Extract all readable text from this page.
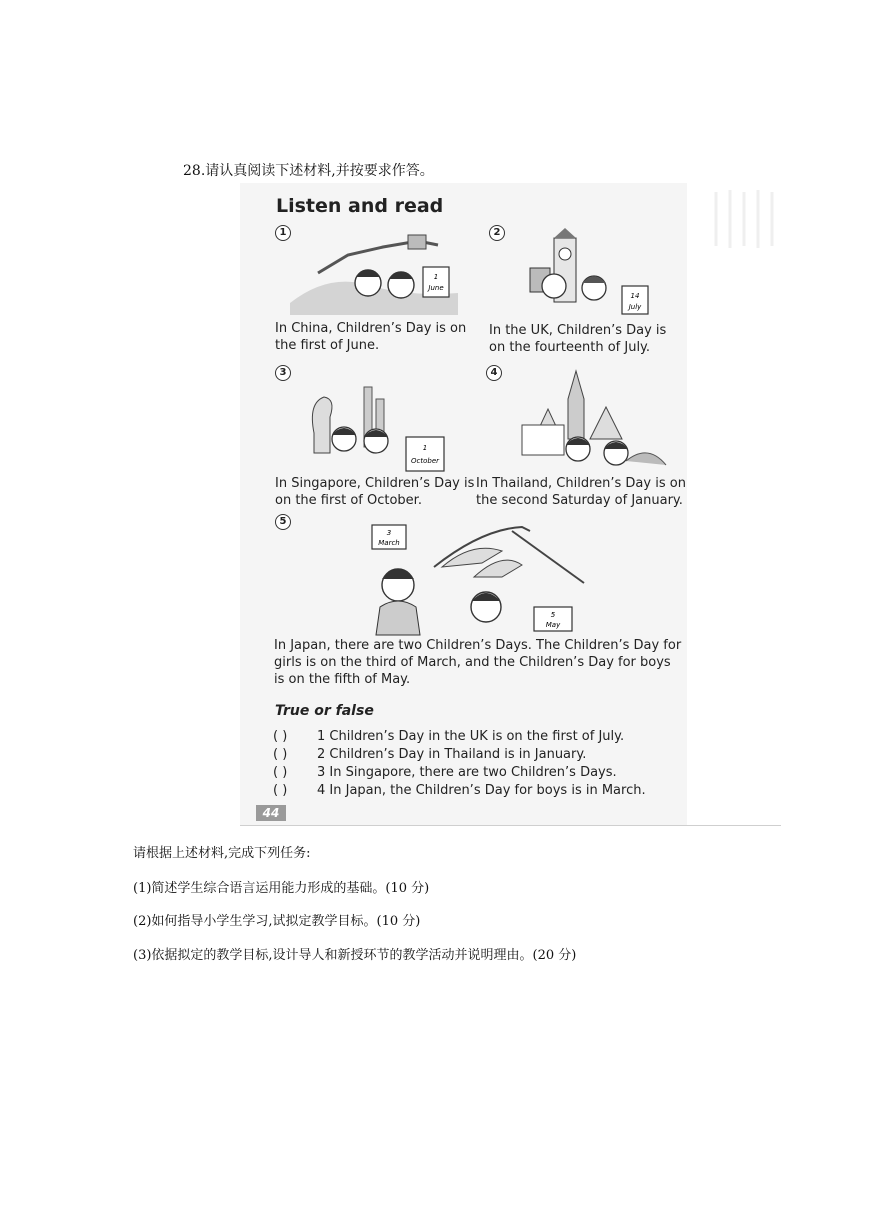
28.请认真阅读下述材料,并按要求作答。
Listen and read
1
1
June
In China, Children’s Day is on the first of June.
2
14
July
In the UK, Children’s Day is on the fourteenth of July.
3
1
October
In Singapore, Children’s Day is on the first of October.
4
In Thailand, Children’s Day is on the second Saturday of January.
5
3
March
5
May
In Japan, there are two Children’s Days. The Children’s Day for girls is on the third of March, and the Children’s Day for boys is on the fifth of May.
True or false
( ) 1 Children’s Day in the UK is on the first of July.
( ) 2 Children’s Day in Thailand is in January.
( ) 3 In Singapore, there are two Children’s Days.
( ) 4 In Japan, the Children’s Day for boys is in March.
44
请根据上述材料,完成下列任务:
(1)简述学生综合语言运用能力形成的基础。(10 分)
(2)如何指导小学生学习,试拟定教学目标。(10 分)
(3)依据拟定的教学目标,设计导人和新授环节的教学活动并说明理由。(20 分)
